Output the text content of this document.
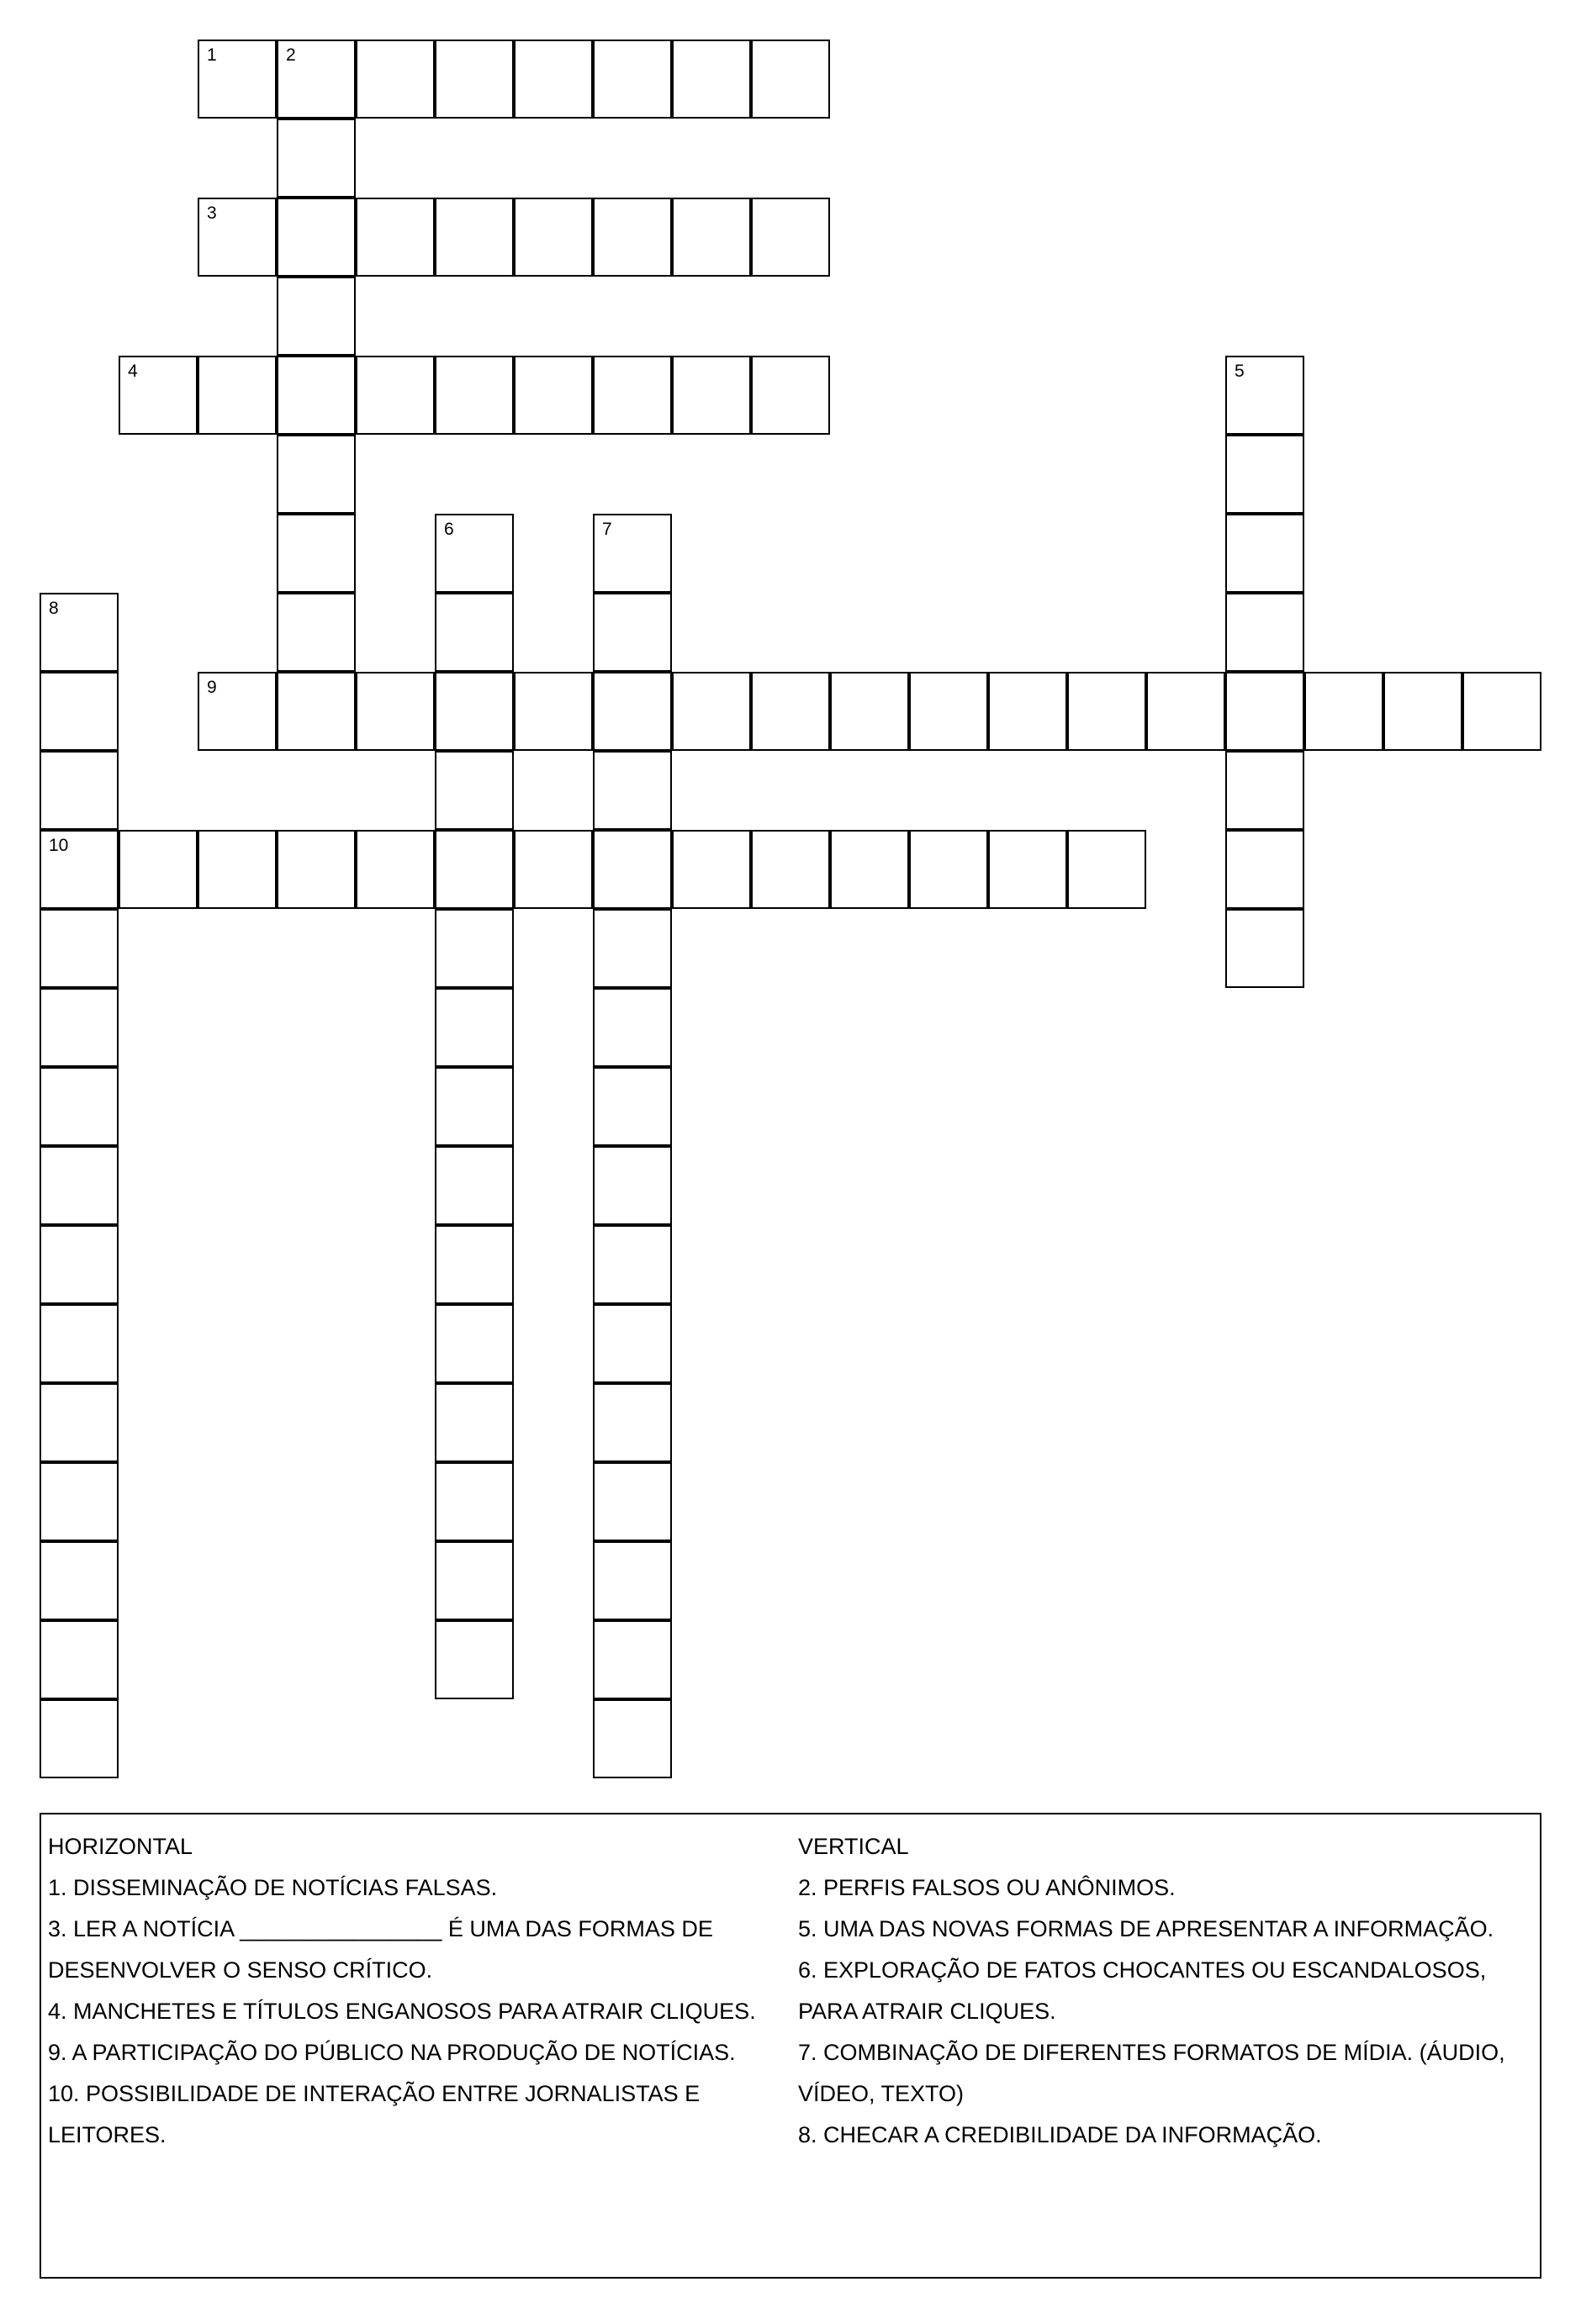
1	2
3
4	5
6	7
8
10
9

HORIZONTAL

1. DISSEMINAÇÃO DE NOTÍCIAS FALSAS.

3. LER A NOTÍCIA ________________ É UMA DAS FORMAS DE DESENVOLVER O SENSO CRÍTICO.

4. MANCHETES E TÍTULOS ENGANOSOS PARA ATRAIR CLIQUES.

9. A PARTICIPAÇÃO DO PÚBLICO NA PRODUÇÃO DE NOTÍCIAS.

10. POSSIBILIDADE DE INTERAÇÃO ENTRE JORNALISTAS E LEITORES.

VERTICAL

2. PERFIS FALSOS OU ANÔNIMOS.

5. UMA DAS NOVAS FORMAS DE APRESENTAR A INFORMAÇÃO.

6. EXPLORAÇÃO DE FATOS CHOCANTES OU ESCANDALOSOS, PARA ATRAIR CLIQUES.

7. COMBINAÇÃO DE DIFERENTES FORMATOS DE MÍDIA. (ÁUDIO, VÍDEO, TEXTO)

8. CHECAR A CREDIBILIDADE DA INFORMAÇÃO.
